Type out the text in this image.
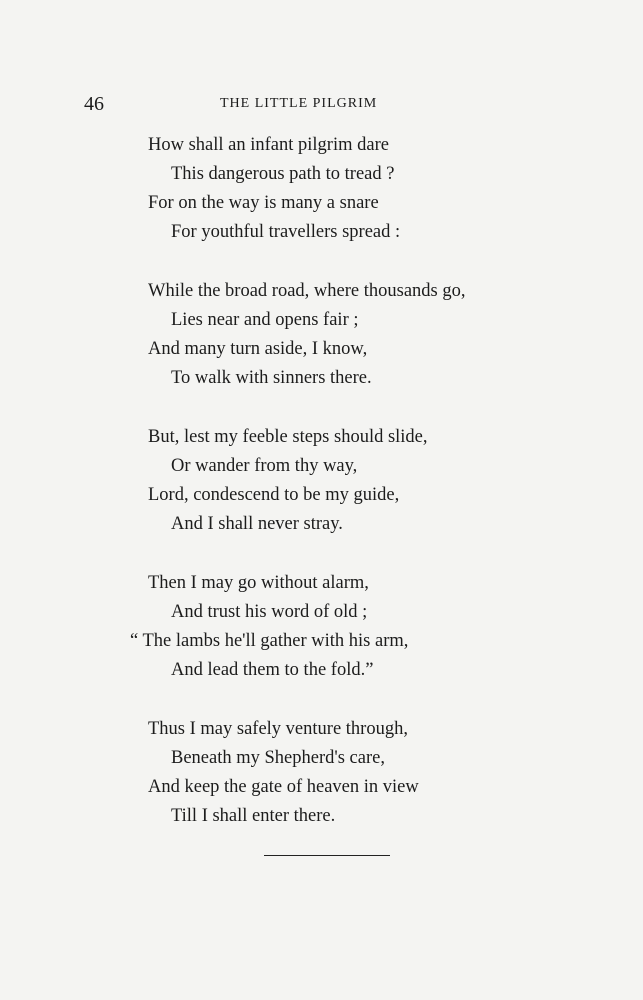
46	THE LITTLE PILGRIM
How shall an infant pilgrim dare
This dangerous path to tread ?
For on the way is many a snare
For youthful travellers spread :
While the broad road, where thousands go,
Lies near and opens fair ;
And many turn aside, I know,
To walk with sinners there.
But, lest my feeble steps should slide,
Or wander from thy way,
Lord, condescend to be my guide,
And I shall never stray.
Then I may go without alarm,
And trust his word of old ;
“ The lambs he'll gather with his arm,
And lead them to the fold.”
Thus I may safely venture through,
Beneath my Shepherd's care,
And keep the gate of heaven in view
Till I shall enter there.
